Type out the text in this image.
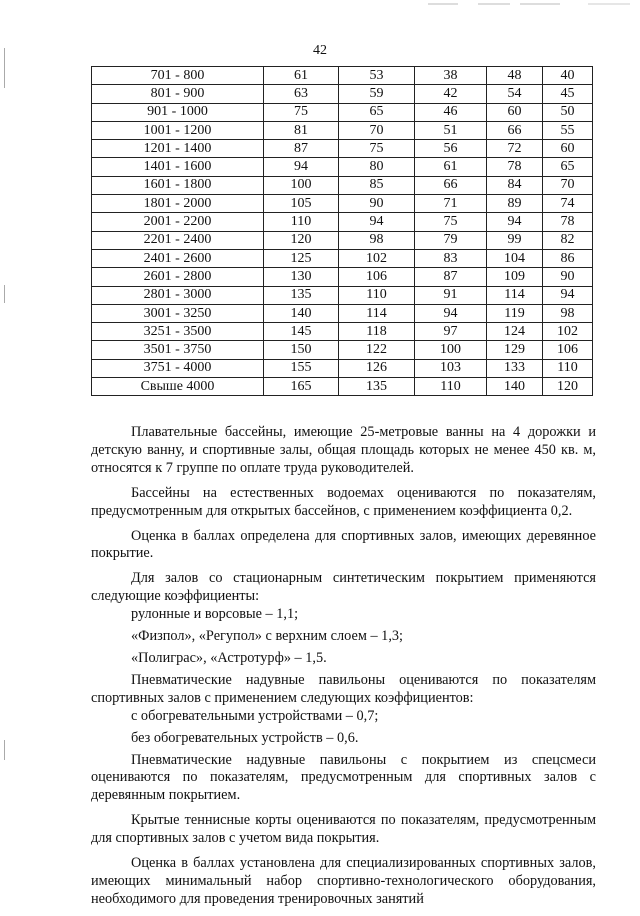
42
701 - 800	61	53	38	48	40
801 - 900	63	59	42	54	45
901 - 1000	75	65	46	60	50
1001 - 1200	81	70	51	66	55
1201 - 1400	87	75	56	72	60
1401 - 1600	94	80	61	78	65
1601 - 1800	100	85	66	84	70
1801 - 2000	105	90	71	89	74
2001 - 2200	110	94	75	94	78
2201 - 2400	120	98	79	99	82
2401 - 2600	125	102	83	104	86
2601 - 2800	130	106	87	109	90
2801 - 3000	135	110	91	114	94
3001 - 3250	140	114	94	119	98
3251 - 3500	145	118	97	124	102
3501 - 3750	150	122	100	129	106
3751 - 4000	155	126	103	133	110
Свыше 4000	165	135	110	140	120

Плавательные бассейны, имеющие 25-метровые ванны на 4 дорожки и детскую ванну, и спортивные залы, общая площадь которых не менее 450 кв. м, относятся к 7 группе по оплате труда руководителей.

Бассейны на естественных водоемах оцениваются по показателям, предусмотренным для открытых бассейнов, с применением коэффициента 0,2.

Оценка в баллах определена для спортивных залов, имеющих деревянное покрытие.

Для залов со стационарным синтетическим покрытием применяются следующие коэффициенты:

рулонные и ворсовые – 1,1;

«Физпол», «Регупол» с верхним слоем – 1,3;

«Полиграс», «Астротурф» – 1,5.

Пневматические надувные павильоны оцениваются по показателям спортивных залов с применением следующих коэффициентов:

с обогревательными устройствами – 0,7;

без обогревательных устройств – 0,6.

Пневматические надувные павильоны с покрытием из спецсмеси оцениваются по показателям, предусмотренным для спортивных залов с деревянным покрытием.

Крытые теннисные корты оцениваются по показателям, предусмотренным для спортивных залов с учетом вида покрытия.

Оценка в баллах установлена для специализированных спортивных залов, имеющих минимальный набор спортивно-технологического оборудования, необходимого для проведения тренировочных занятий
